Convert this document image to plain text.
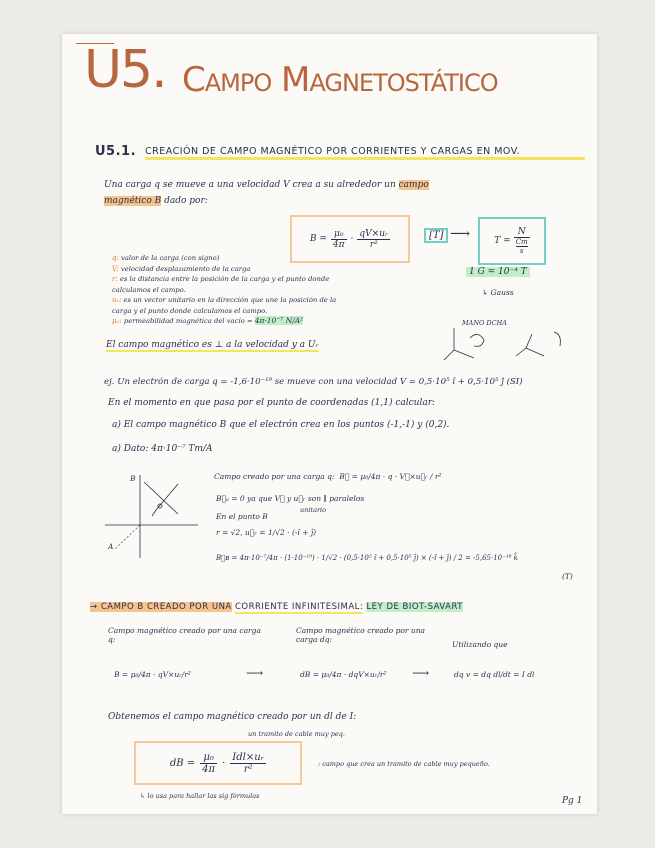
U5. Campo Magnetostático
U5.1. CREACIÓN DE CAMPO MAGNÉTICO POR CORRIENTES Y CARGAS EN MOV.
Una carga q se mueve a una velocidad V crea a su alrededor un campo
magnético B dado por:
$B = \frac{\text{μ₀}}{4\pi} \cdot \frac{\text{qV×uᵣ}}{\text{r²}}$	[T] ⟶	T = N
Cm
s
1 G = 10⁻⁴ T
↳ Gauss
q: valor de la carga (con signo)
V: velocidad desplazamiento de la carga
r: es la distancia entre la posición de la carga y el punto donde calculamos el campo.
uᵣ: es un vector unitario en la dirección que une la posición de la carga y el punto donde calculamos el campo.
μ₀: permeabilidad magnética del vacío = 4π·10⁻⁷ N/A²
El campo magnético es ⊥ a la velocidad y a Uᵣ
MANO DCHA
ej. Un electrón de carga q = -1,6·10⁻¹⁹ se mueve con una velocidad V = 0,5·10⁵ î + 0,5·10⁵ ĵ (SI)
En el momento en que pasa por el punto de coordenadas (1,1) calcular:
a) El campo magnético B que el electrón crea en los puntos (-1,-1) y (0,2).
a) Dato: 4π·10⁻⁷ Tm/A
B
A
Campo creado por una carga q: B⃗ = μ₀/4π · q · V⃗×u⃗ᵣ / r²
B⃗ₐ = 0 ya que V⃗ y u⃗ᵣ son ∥ paralelos
En el punto B
unitario
r = √2, u⃗ᵣ = 1/√2 · (-î + ĵ)
B⃗ʙ = 4π·10⁻⁷/4π · (1·10⁻¹⁹) · 1/√2 · (0,5·10⁵ î + 0,5·10⁵ ĵ) × (-î + ĵ) / 2 = -5,65·10⁻¹⁸ k̂
(T)
→ CAMPO B CREADO POR UNA CORRIENTE INFINITESIMAL: LEY DE BIOT-SAVART
Campo magnético creado por una carga q:
Campo magnético creado por una carga dq:
Utilizando que
B = μ₀/4π · qV×uᵣ/r²	⟶	dB = μ₀/4π · dqV×uᵣ/r² ⟶	dq v = dq dl/dt = I dl
Obtenemos el campo magnético creado por un dl de I:
un tramito de cable muy peq.
dB = $\frac{\text{μ₀}}{4\pi} \cdot \frac{\text{Idl×uᵣ}}{\text{r²}}$	: campo que crea un tramito de cable muy pequeño.
↳ lo usa para hallar las sig fórmulas	Pg 1
